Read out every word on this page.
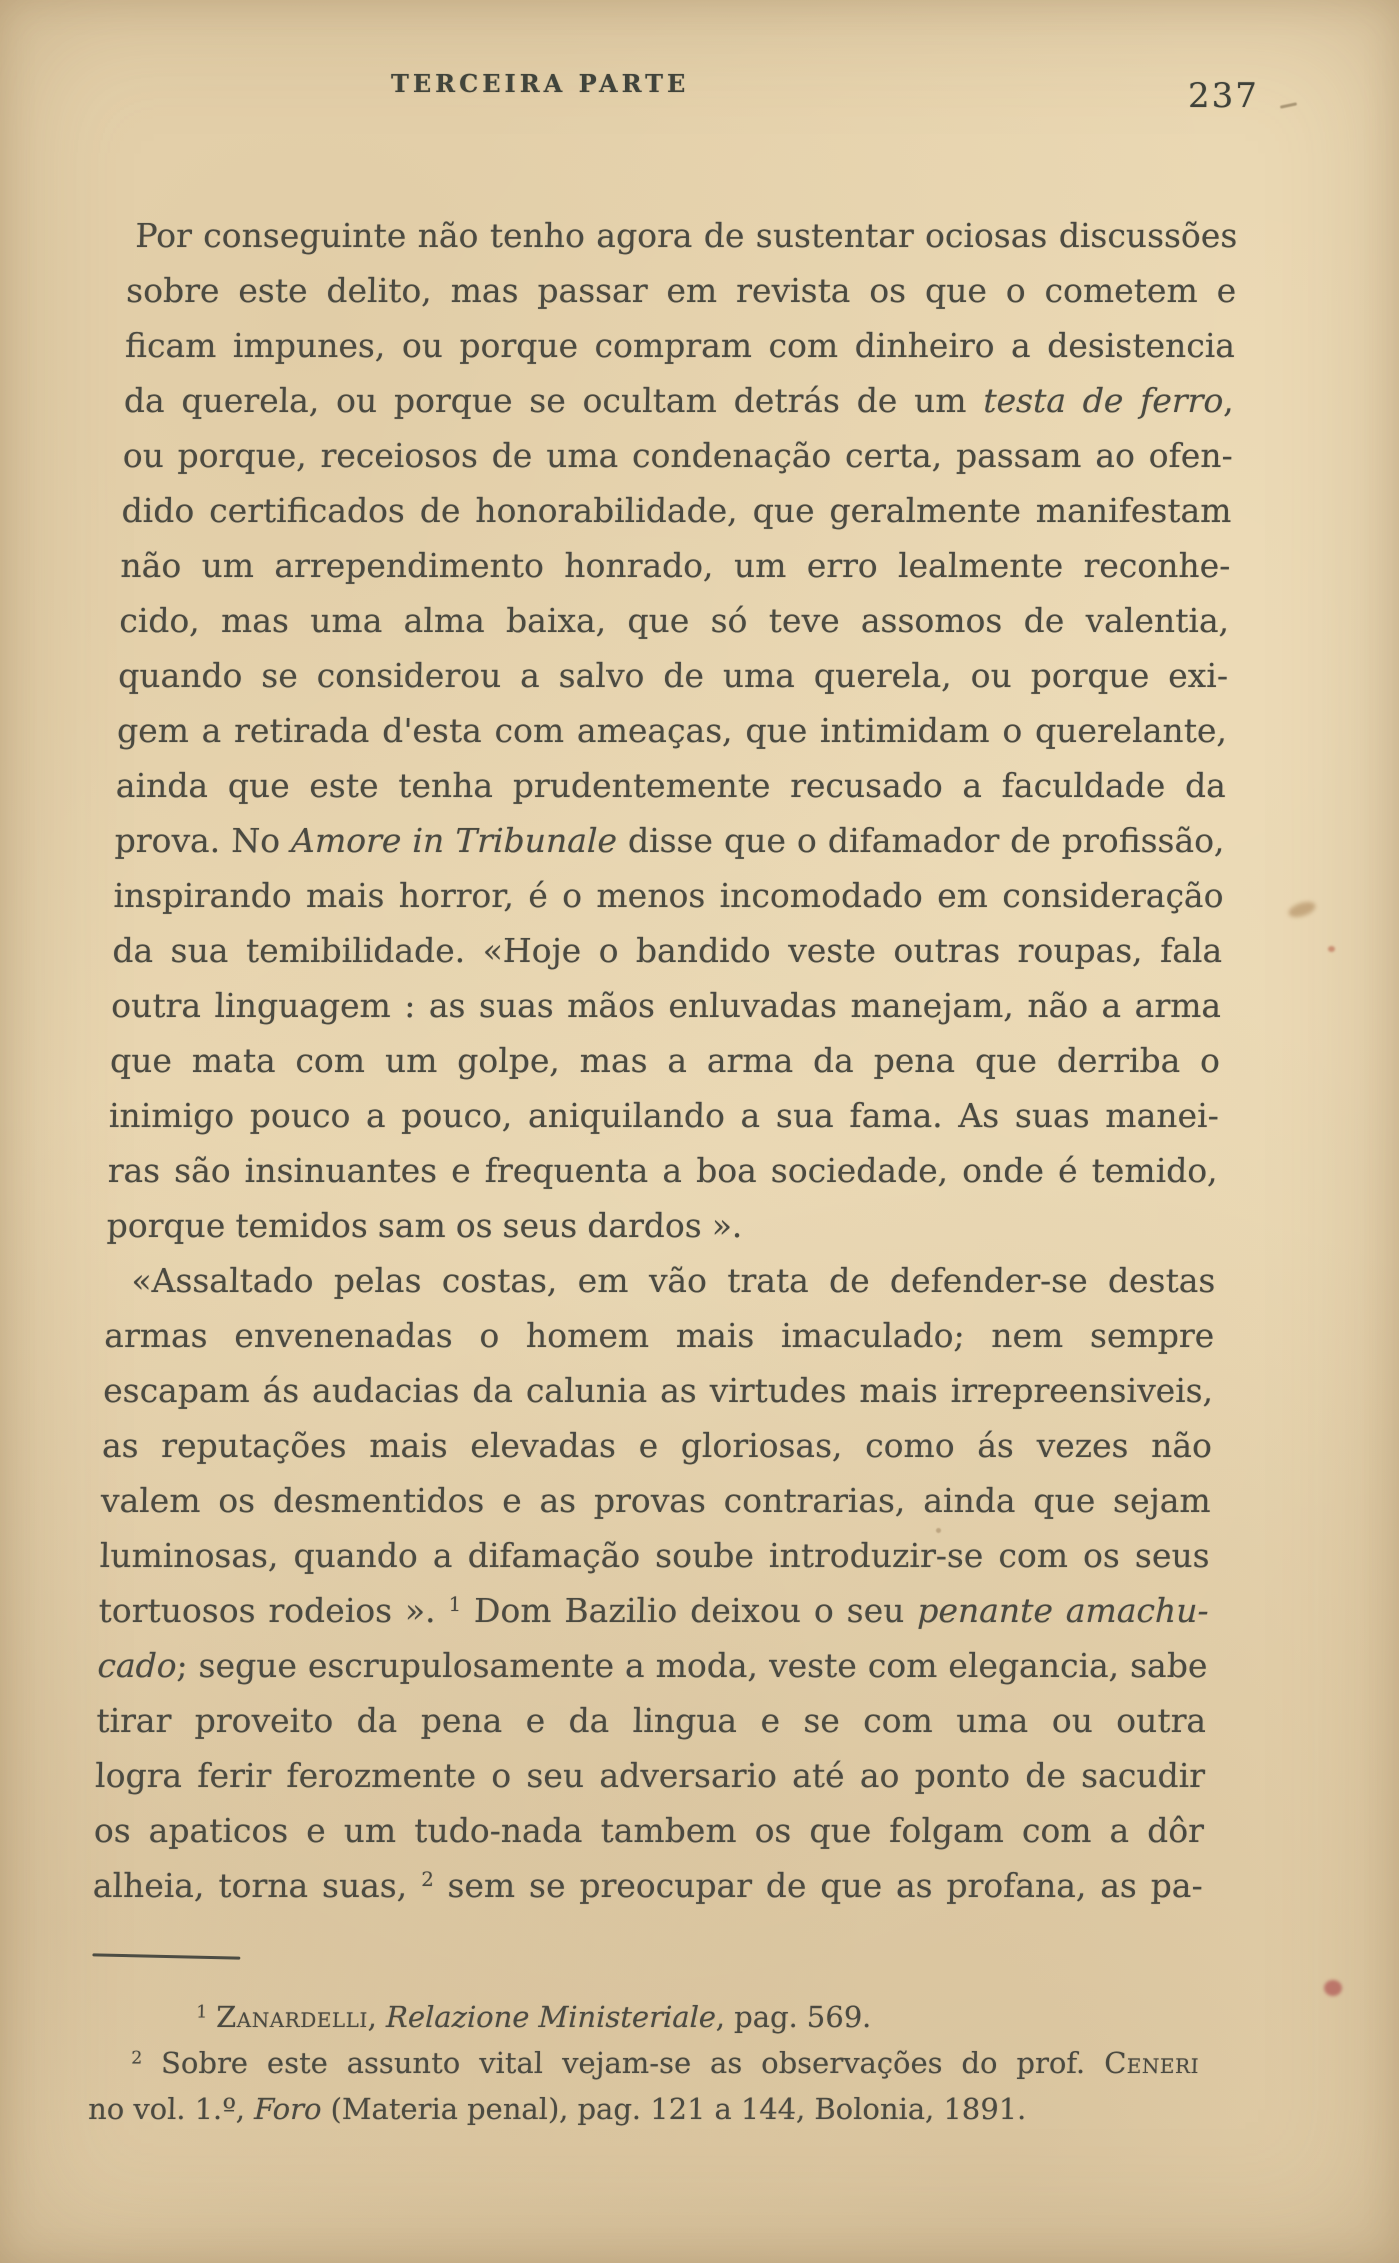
TERCEIRA PARTE	237
Por conseguinte não tenho agora de sustentar ociosas discussões
sobre este delito, mas passar em revista os que o cometem e
ficam impunes, ou porque compram com dinheiro a desistencia
da querela, ou porque se ocultam detrás de um testa de ferro,
ou porque, receiosos de uma condenação certa, passam ao ofen-
dido certificados de honorabilidade, que geralmente manifestam
não um arrependimento honrado, um erro lealmente reconhe-
cido, mas uma alma baixa, que só teve assomos de valentia,
quando se considerou a salvo de uma querela, ou porque exi-
gem a retirada d'esta com ameaças, que intimidam o querelante,
ainda que este tenha prudentemente recusado a faculdade da
prova. No Amore in Tribunale disse que o difamador de profissão,
inspirando mais horror, é o menos incomodado em consideração
da sua temibilidade. «Hoje o bandido veste outras roupas, fala
outra linguagem : as suas mãos enluvadas manejam, não a arma
que mata com um golpe, mas a arma da pena que derriba o
inimigo pouco a pouco, aniquilando a sua fama. As suas manei-
ras são insinuantes e frequenta a boa sociedade, onde é temido,
porque temidos sam os seus dardos ».
«Assaltado pelas costas, em vão trata de defender-se destas
armas envenenadas o homem mais imaculado; nem sempre
escapam ás audacias da calunia as virtudes mais irrepreensiveis,
as reputações mais elevadas e gloriosas, como ás vezes não
valem os desmentidos e as provas contrarias, ainda que sejam
luminosas, quando a difamação soube introduzir-se com os seus
tortuosos rodeios ». $^1$ Dom Bazilio deixou o seu penante amachu-
cado; segue escrupulosamente a moda, veste com elegancia, sabe
tirar proveito da pena e da lingua e se com uma ou outra
logra ferir ferozmente o seu adversario até ao ponto de sacudir
os apaticos e um tudo-nada tambem os que folgam com a dôr
alheia, torna suas, $^2$ sem se preocupar de que as profana, as pa-
$^1$ Zanardelli, Relazione Ministeriale, pag. 569.
$^2$ Sobre este assunto vital vejam-se as observações do prof. Ceneri
no vol. 1.º, Foro (Materia penal), pag. 121 a 144, Bolonia, 1891.
